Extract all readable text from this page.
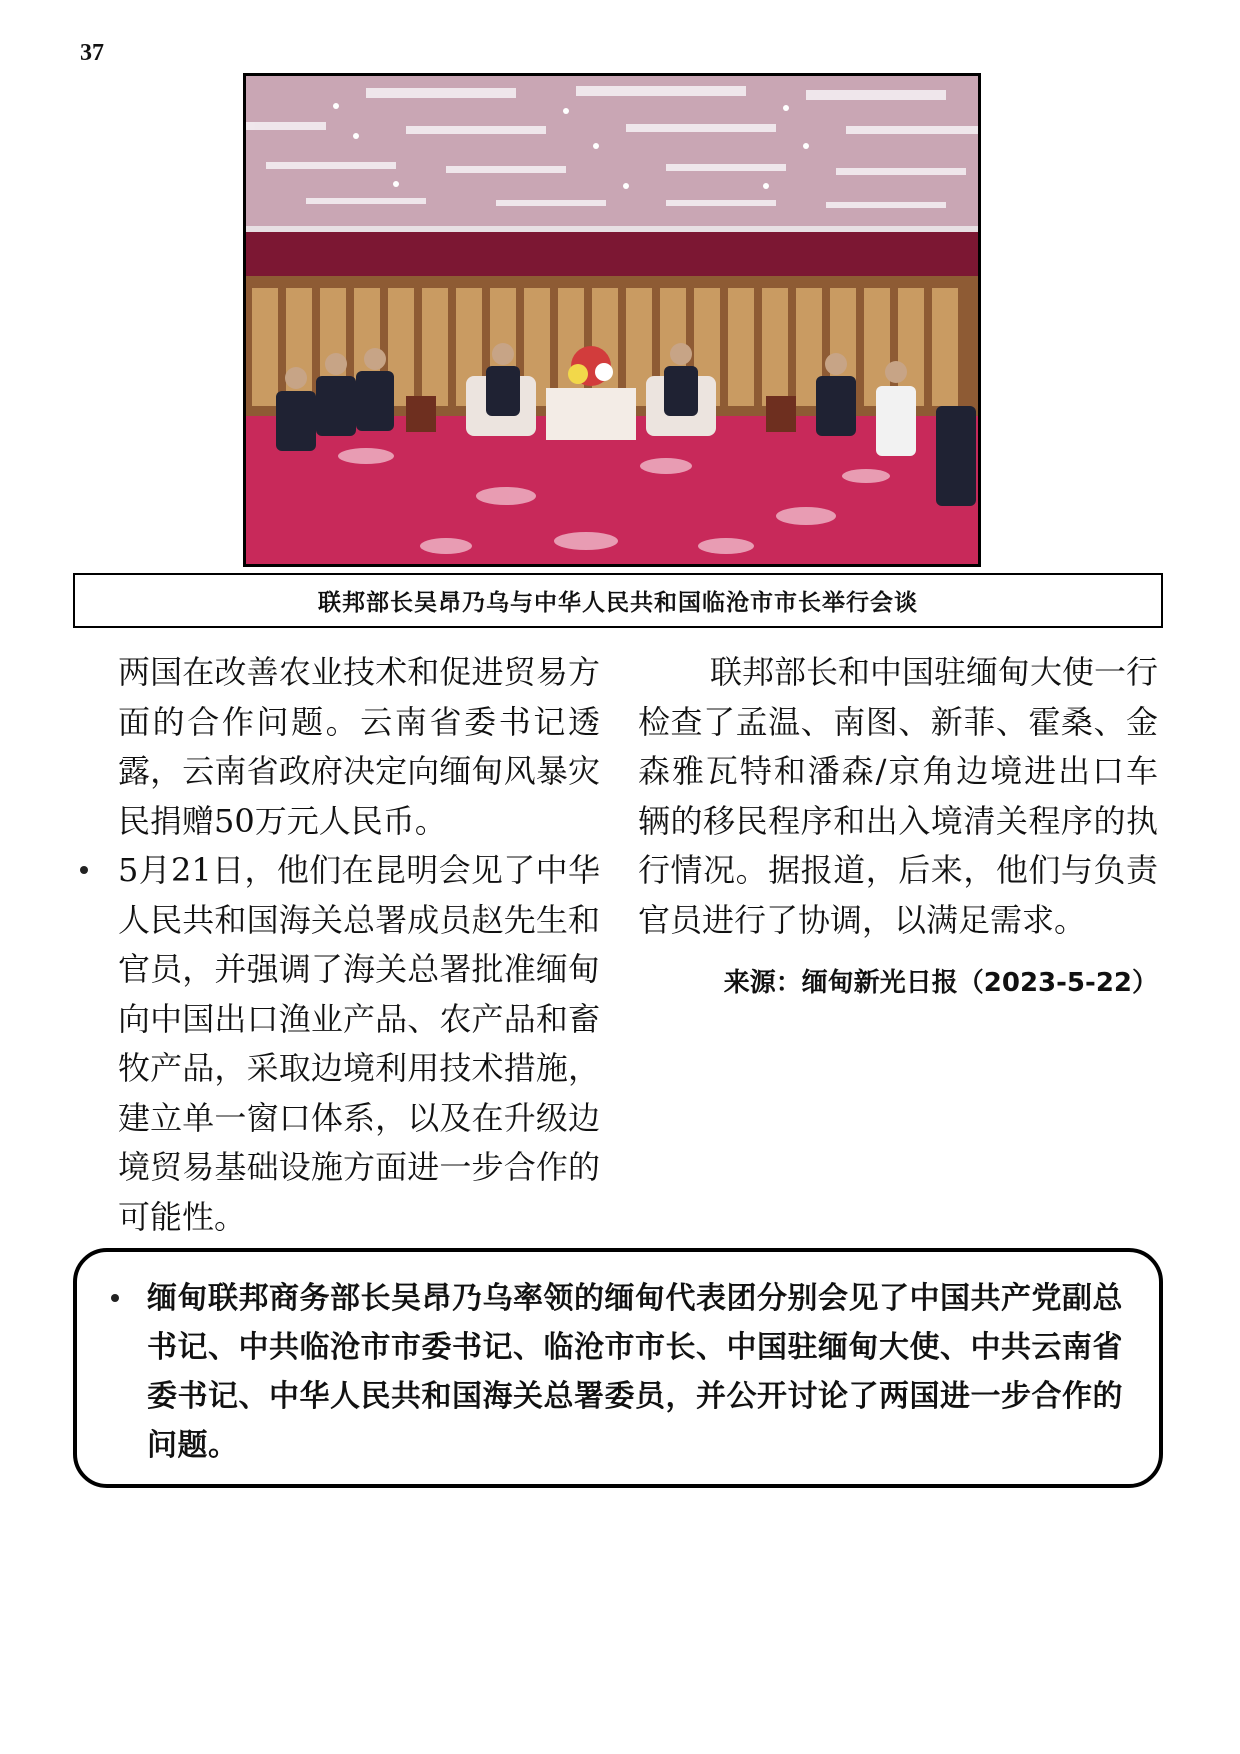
37
联邦部长吴昂乃乌与中华人民共和国临沧市市长举行会谈

两国在改善农业技术和促进贸易方面的合作问题。云南省委书记透露，云南省政府决定向缅甸风暴灾民捐赠50万元人民币。

5月21日，他们在昆明会见了中华人民共和国海关总署成员赵先生和官员，并强调了海关总署批准缅甸向中国出口渔业产品、农产品和畜牧产品，采取边境利用技术措施，建立单一窗口体系，以及在升级边境贸易基础设施方面进一步合作的可能性。

联邦部长和中国驻缅甸大使一行检查了孟温、南图、新菲、霍桑、金森雅瓦特和潘森/京角边境进出口车辆的移民程序和出入境清关程序的执行情况。据报道，后来，他们与负责官员进行了协调，以满足需求。

来源：缅甸新光日报（2023-5-22）

缅甸联邦商务部长吴昂乃乌率领的缅甸代表团分别会见了中国共产党副总书记、中共临沧市市委书记、临沧市市长、中国驻缅甸大使、中共云南省委书记、中华人民共和国海关总署委员，并公开讨论了两国进一步合作的问题。
